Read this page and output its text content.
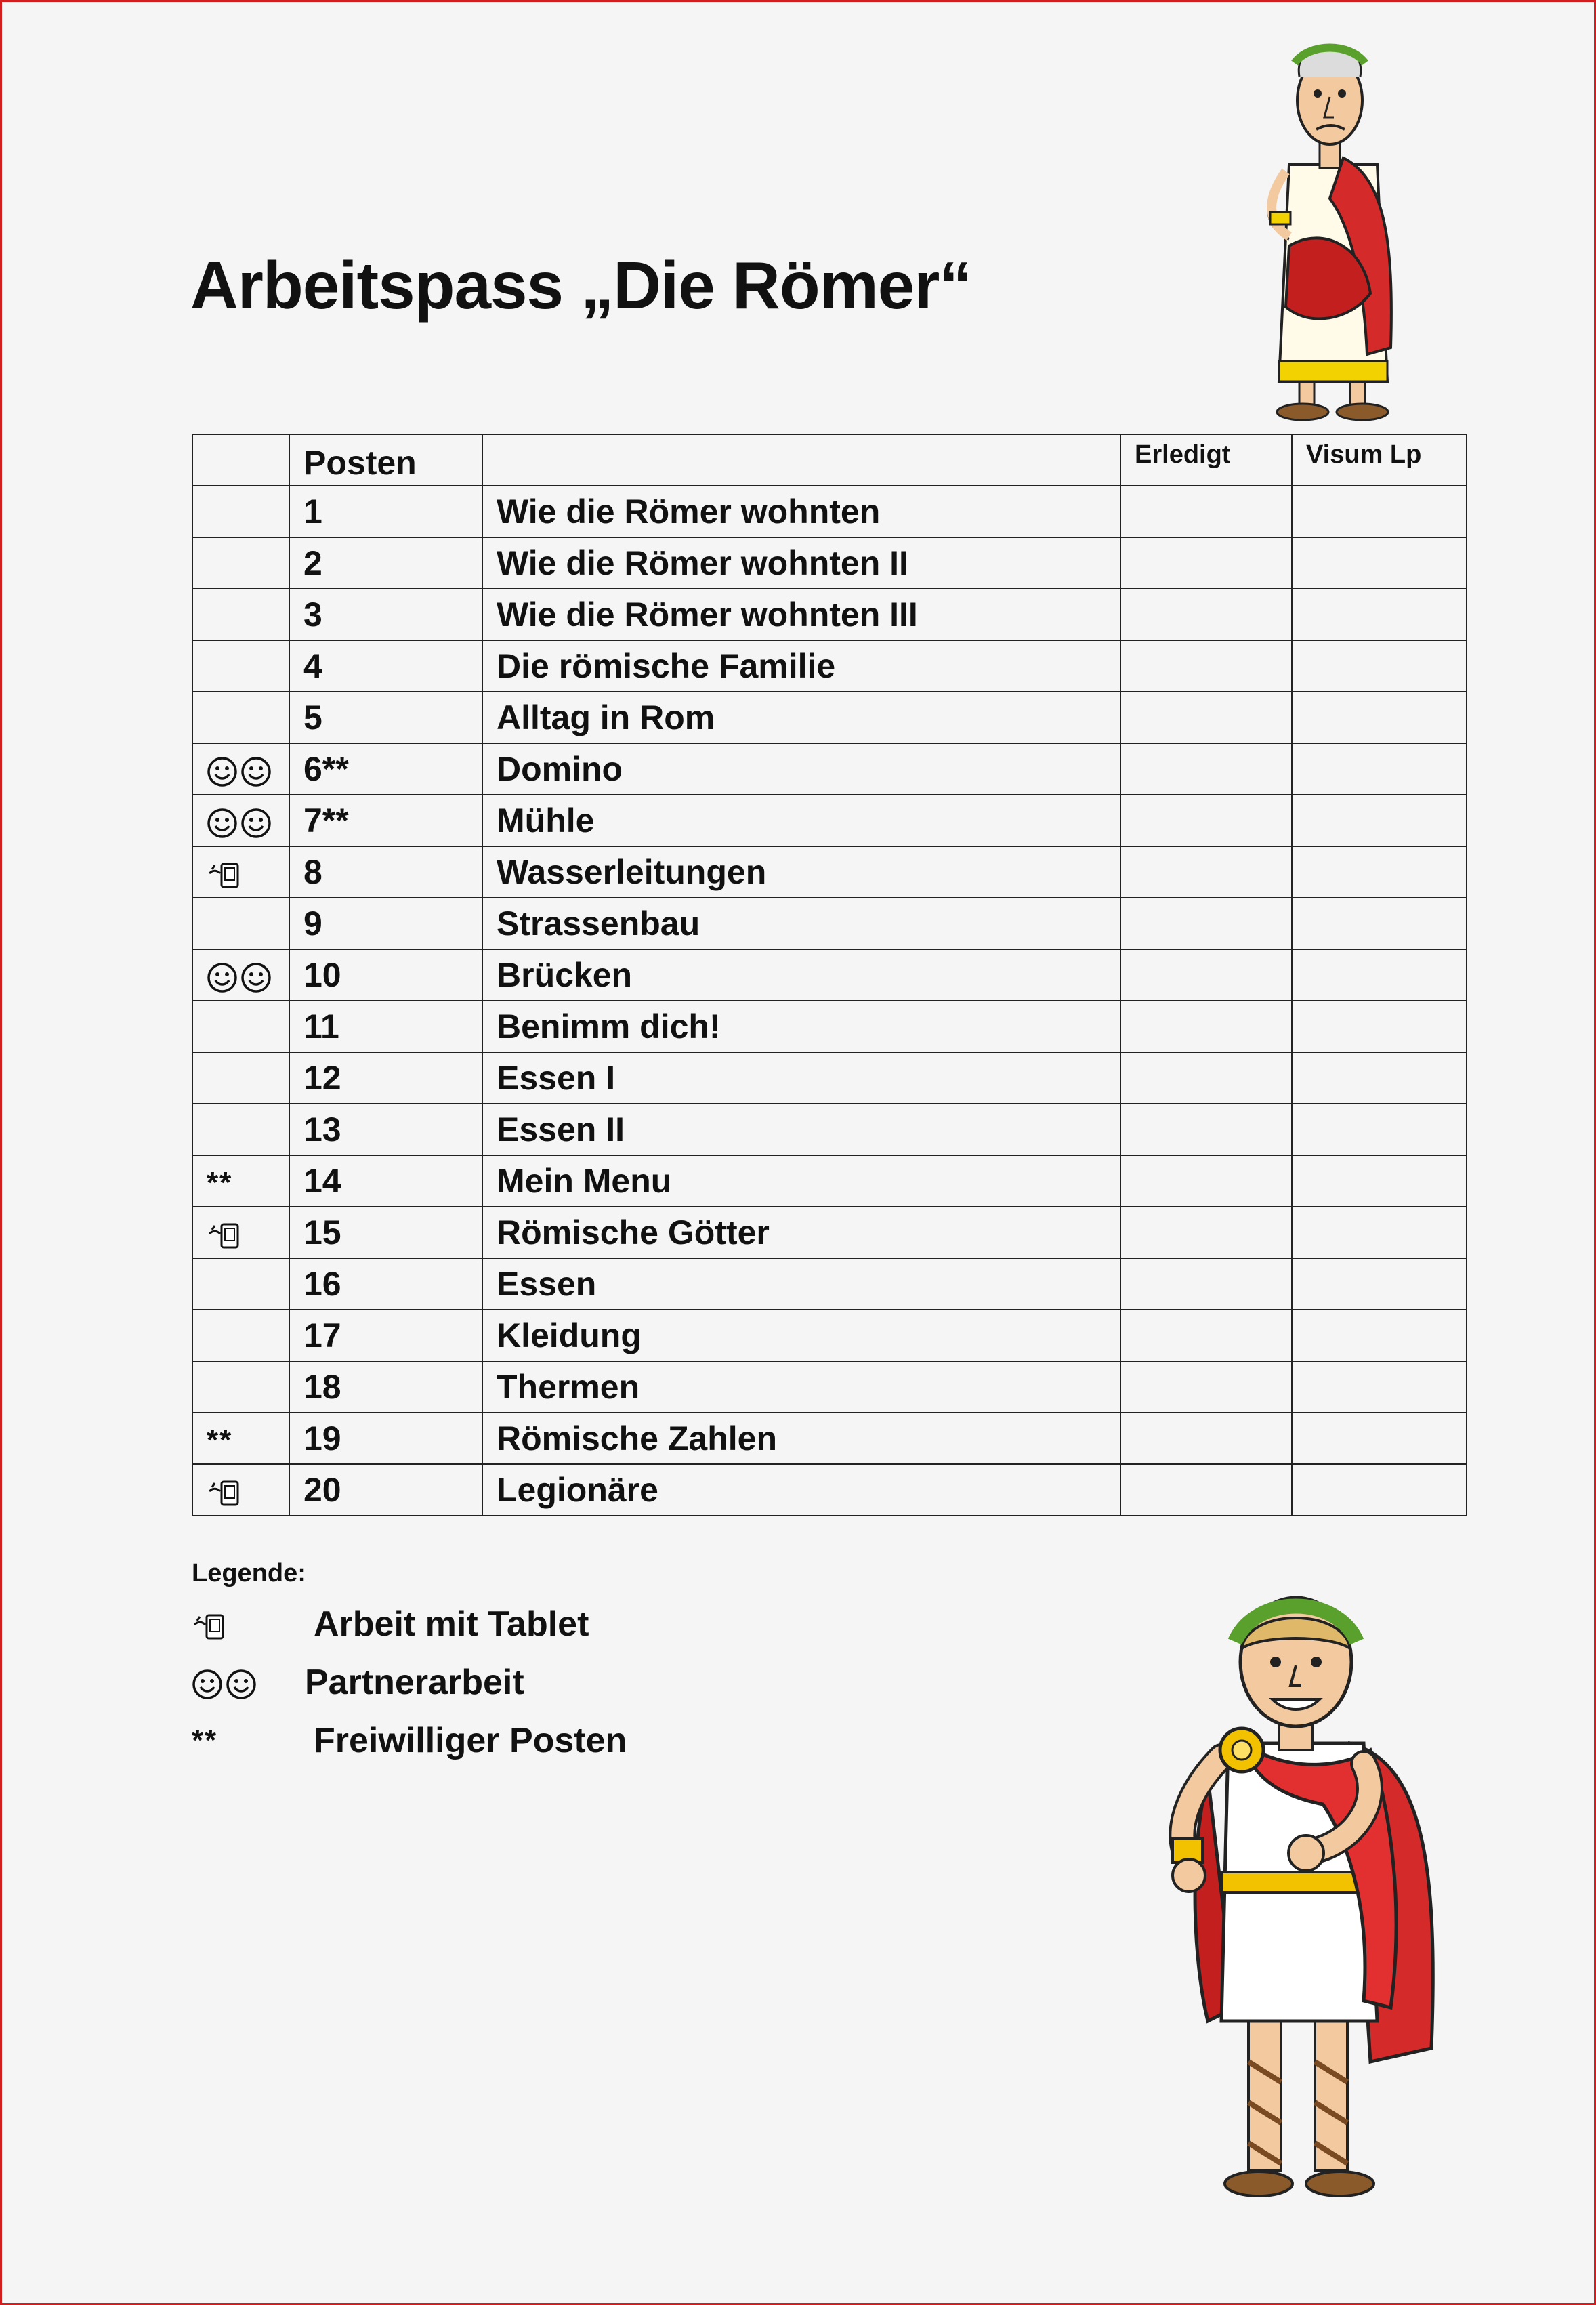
Arbeitspass „Die Römer“
	Posten		Erledigt	Visum Lp
	1	Wie die Römer wohnten		
	2	Wie die Römer wohnten II		
	3	Wie die Römer wohnten III		
	4	Die römische Familie		
	5	Alltag in Rom		
	6**	Domino		
	7**	Mühle		
	8	Wasserleitungen		
	9	Strassenbau		
	10	Brücken		
	11	Benimm dich!		
	12	Essen I		
	13	Essen II		
**	14	Mein Menu		
	15	Römische Götter		
	16	Essen		
	17	Kleidung		
	18	Thermen		
**	19	Römische Zahlen		
	20	Legionäre		
Legende:
Arbeit mit Tablet
Partnerarbeit
**	Freiwilliger Posten
